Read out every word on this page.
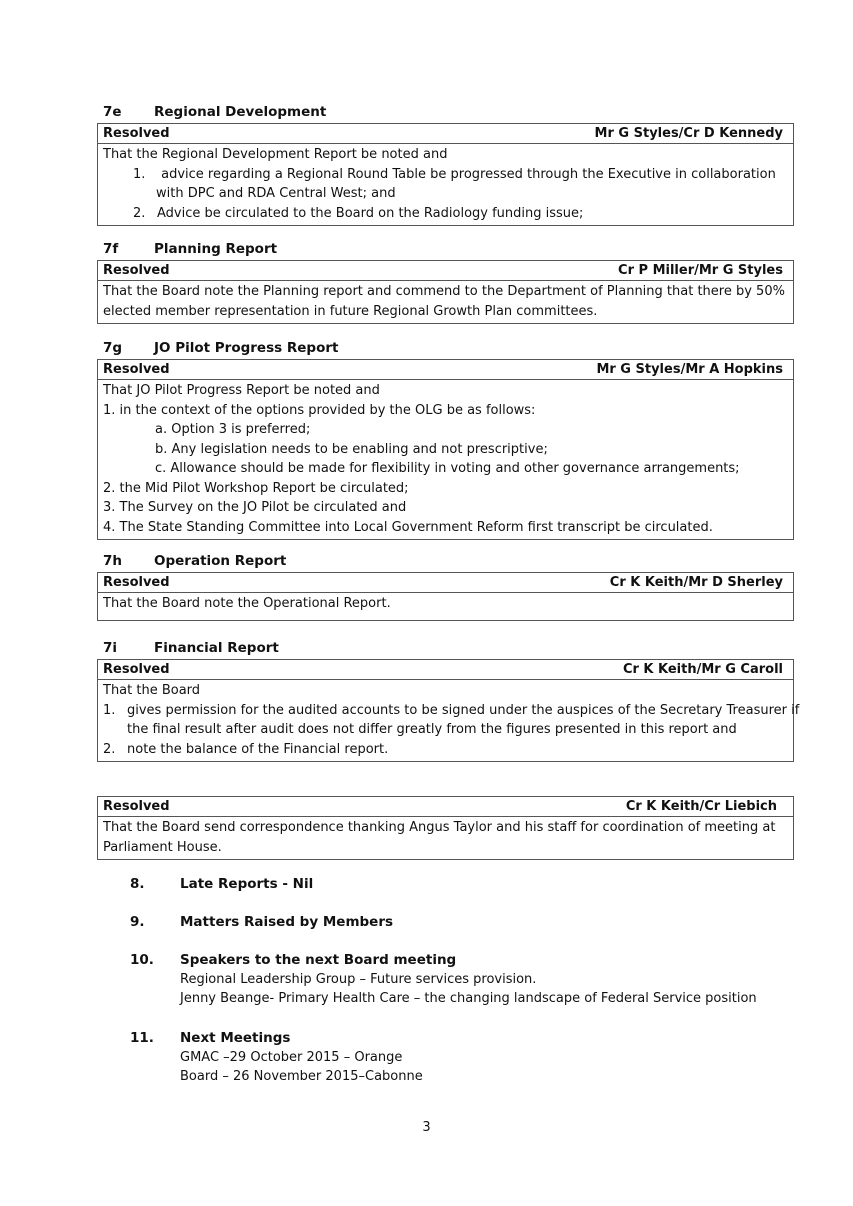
7e Regional Development
Resolved	Mr G Styles/Cr D Kennedy
That the Regional Development Report be noted and
1. advice regarding a Regional Round Table be progressed through the Executive in collaboration
with DPC and RDA Central West; and
2. Advice be circulated to the Board on the Radiology funding issue;
7f	Planning Report
Resolved	Cr P Miller/Mr G Styles
That the Board note the Planning report and commend to the Department of Planning that there by 50%
elected member representation in future Regional Growth Plan committees.
7g JO Pilot Progress Report
Resolved	Mr G Styles/Mr A Hopkins
That JO Pilot Progress Report be noted and
1. in the context of the options provided by the OLG be as follows:
a. Option 3 is preferred;
b. Any legislation needs to be enabling and not prescriptive;
c. Allowance should be made for flexibility in voting and other governance arrangements;
2. the Mid Pilot Workshop Report be circulated;
3. The Survey on the JO Pilot be circulated and
4. The State Standing Committee into Local Government Reform first transcript be circulated.
7h Operation Report
Resolved	Cr K Keith/Mr D Sherley
That the Board note the Operational Report.
7i	Financial Report
Resolved	Cr K Keith/Mr G Caroll
That the Board
1. gives permission for the audited accounts to be signed under the auspices of the Secretary Treasurer if
the final result after audit does not differ greatly from the figures presented in this report and
2. note the balance of the Financial report.
Resolved	Cr K Keith/Cr Liebich
That the Board send correspondence thanking Angus Taylor and his staff for coordination of meeting at
Parliament House.
8.	Late Reports - Nil
9.	Matters Raised by Members
10. Speakers to the next Board meeting
Regional Leadership Group – Future services provision.
Jenny Beange- Primary Health Care – the changing landscape of Federal Service position
11. Next Meetings
GMAC –29 October 2015 – Orange
Board – 26 November 2015–Cabonne
3
